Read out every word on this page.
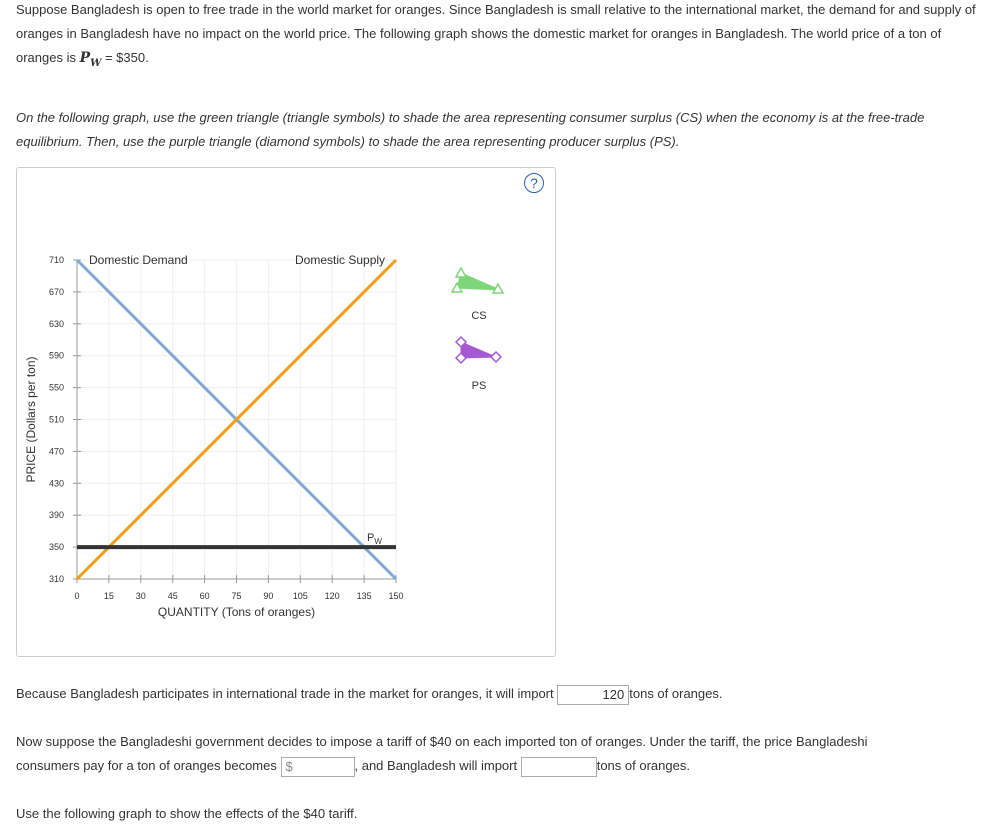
Suppose Bangladesh is open to free trade in the world market for oranges. Since Bangladesh is small relative to the international market, the demand for and supply of oranges in Bangladesh have no impact on the world price. The following graph shows the domestic market for oranges in Bangladesh. The world price of a ton of oranges is $P_W$ = $350.

On the following graph, use the green triangle (triangle symbols) to shade the area representing consumer surplus (CS) when the economy is at the free-trade equilibrium. Then, use the purple triangle (diamond symbols) to shade the area representing producer surplus (PS).

?
0	15 30 45 60 75 90 105 120 135 150
710
670
630
590
550
510
470
430
390
350
310
QUANTITY (Tons of oranges)
PRICE (Dollars per ton)
Domestic Demand	Domestic Supply
$P_W$
CS
PS
Because Bangladesh participates in international trade in the market for oranges, it will import	120 tons of oranges.
Now suppose the Bangladeshi government decides to impose a tariff of $40 on each imported ton of oranges. Under the tariff, the price Bangladeshi
consumers pay for a ton of oranges becomes $	, and Bangladesh will import	tons of oranges.
Use the following graph to show the effects of the $40 tariff.
